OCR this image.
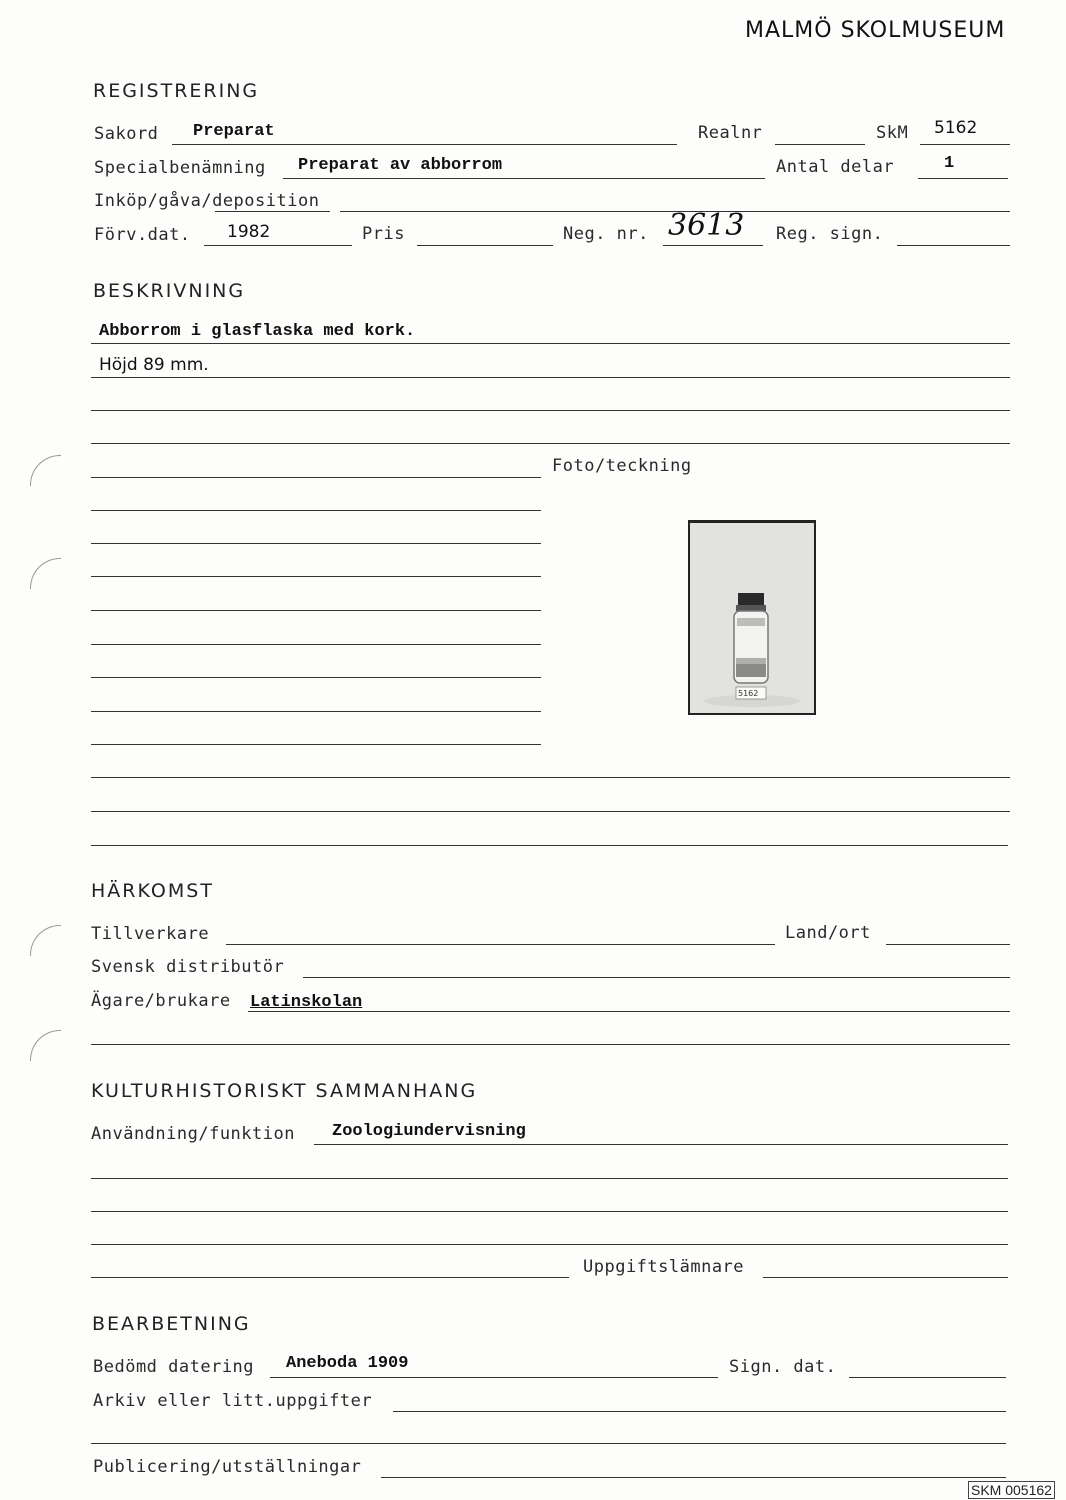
MALMÖ SKOLMUSEUM
REGISTRERING
Sakord Preparat	Realnr	SkM 5162
Specialbenämning Preparat av abborrom	Antal delar	1
Inköp/gåva/deposition
Förv.dat. 1982	Pris	Neg. nr. 3613 Reg. sign.
BESKRIVNING
Abborrom i glasflaska med kork.
Höjd 89 mm.
Foto/teckning
5162
HÄRKOMST
Tillverkare	Land/ort
Svensk distributör
Ägare/brukare Latinskolan
KULTURHISTORISKT SAMMANHANG
Användning/funktion Zoologiundervisning
Uppgiftslämnare
BEARBETNING
Bedömd datering Aneboda 1909	Sign. dat.
Arkiv eller litt.uppgifter
Publicering/utställningar
SKM 005162
